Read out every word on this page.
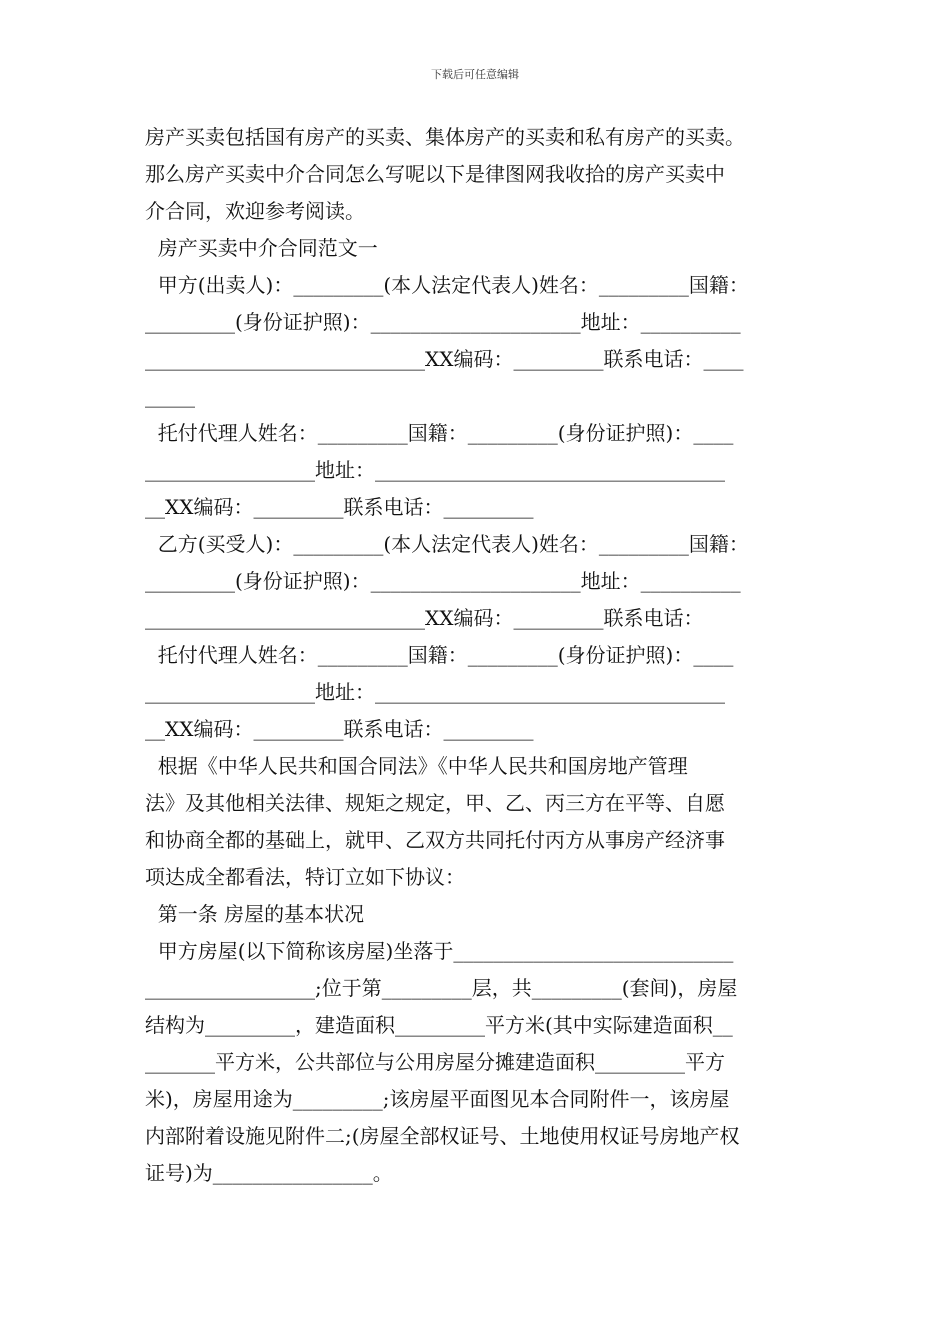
下载后可任意编辑
房产买卖包括国有房产的买卖、集体房产的买卖和私有房产的买卖。
那么房产买卖中介合同怎么写呢以下是律图网我收拾的房产买卖中
介合同，欢迎参考阅读。
房产买卖中介合同范文一
甲方(出卖人)：_________(本人法定代表人)姓名：_________国籍：
_________(身份证护照)：_____________________地址：__________
____________________________XX编码：_________联系电话：____
_____
托付代理人姓名：_________国籍：_________(身份证护照)：____
_________________地址：___________________________________
__XX编码：_________联系电话：_________
乙方(买受人)：_________(本人法定代表人)姓名：_________国籍：
_________(身份证护照)：_____________________地址：__________
____________________________XX编码：_________联系电话：
托付代理人姓名：_________国籍：_________(身份证护照)：____
_________________地址：___________________________________
__XX编码：_________联系电话：_________
根据《中华人民共和国合同法》《中华人民共和国房地产管理
法》及其他相关法律、规矩之规定，甲、乙、丙三方在平等、自愿
和协商全都的基础上，就甲、乙双方共同托付丙方从事房产经济事
项达成全都看法，特订立如下协议：
第一条 房屋的基本状况
甲方房屋(以下简称该房屋)坐落于____________________________
_________________;位于第_________层，共_________(套间)，房屋
结构为_________，建造面积_________平方米(其中实际建造面积__
_______平方米，公共部位与公用房屋分摊建造面积_________平方
米)，房屋用途为_________;该房屋平面图见本合同附件一，该房屋
内部附着设施见附件二;(房屋全部权证号、土地使用权证号房地产权
证号)为________________。
